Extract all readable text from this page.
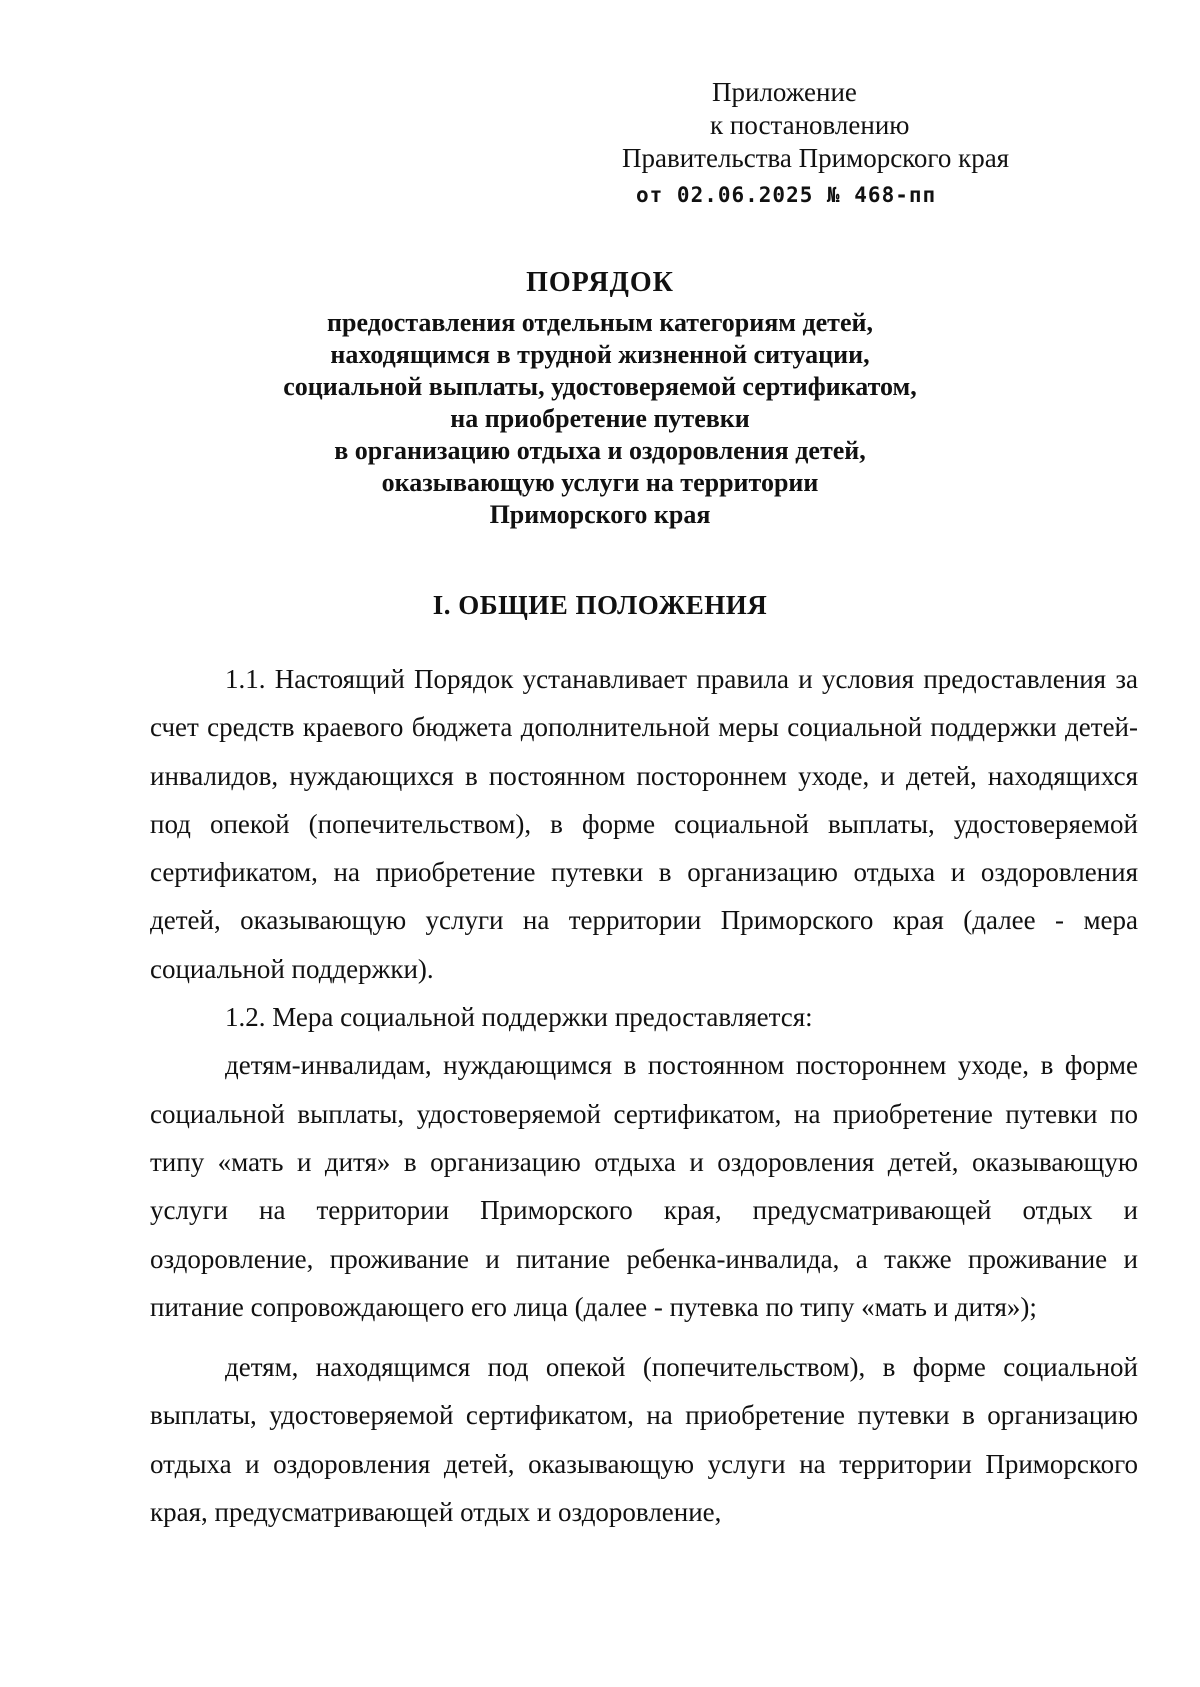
Приложение
к постановлению
Правительства Приморского края
от 02.06.2025 № 468-пп
ПОРЯДОК
предоставления отдельным категориям детей,
находящимся в трудной жизненной ситуации,
социальной выплаты, удостоверяемой сертификатом,
на приобретение путевки
в организацию отдыха и оздоровления детей,
оказывающую услуги на территории
Приморского края
I. ОБЩИЕ ПОЛОЖЕНИЯ

1.1. Настоящий Порядок устанавливает правила и условия предоставления за счет средств краевого бюджета дополнительной меры социальной поддержки детей-инвалидов, нуждающихся в постоянном постороннем уходе, и детей, находящихся под опекой (попечительством), в форме социальной выплаты, удостоверяемой сертификатом, на приобретение путевки в организацию отдыха и оздоровления детей, оказывающую услуги на территории Приморского края (далее - мера социальной поддержки).

1.2. Мера социальной поддержки предоставляется:

детям-инвалидам, нуждающимся в постоянном постороннем уходе, в форме социальной выплаты, удостоверяемой сертификатом, на приобретение путевки по типу «мать и дитя» в организацию отдыха и оздоровления детей, оказывающую услуги на территории Приморского края, предусматривающей отдых и оздоровление, проживание и питание ребенка-инвалида, а также проживание и питание сопровождающего его лица (далее - путевка по типу «мать и дитя»);

детям, находящимся под опекой (попечительством), в форме социальной выплаты, удостоверяемой сертификатом, на приобретение путевки в организацию отдыха и оздоровления детей, оказывающую услуги на территории Приморского края, предусматривающей отдых и оздоровление,
